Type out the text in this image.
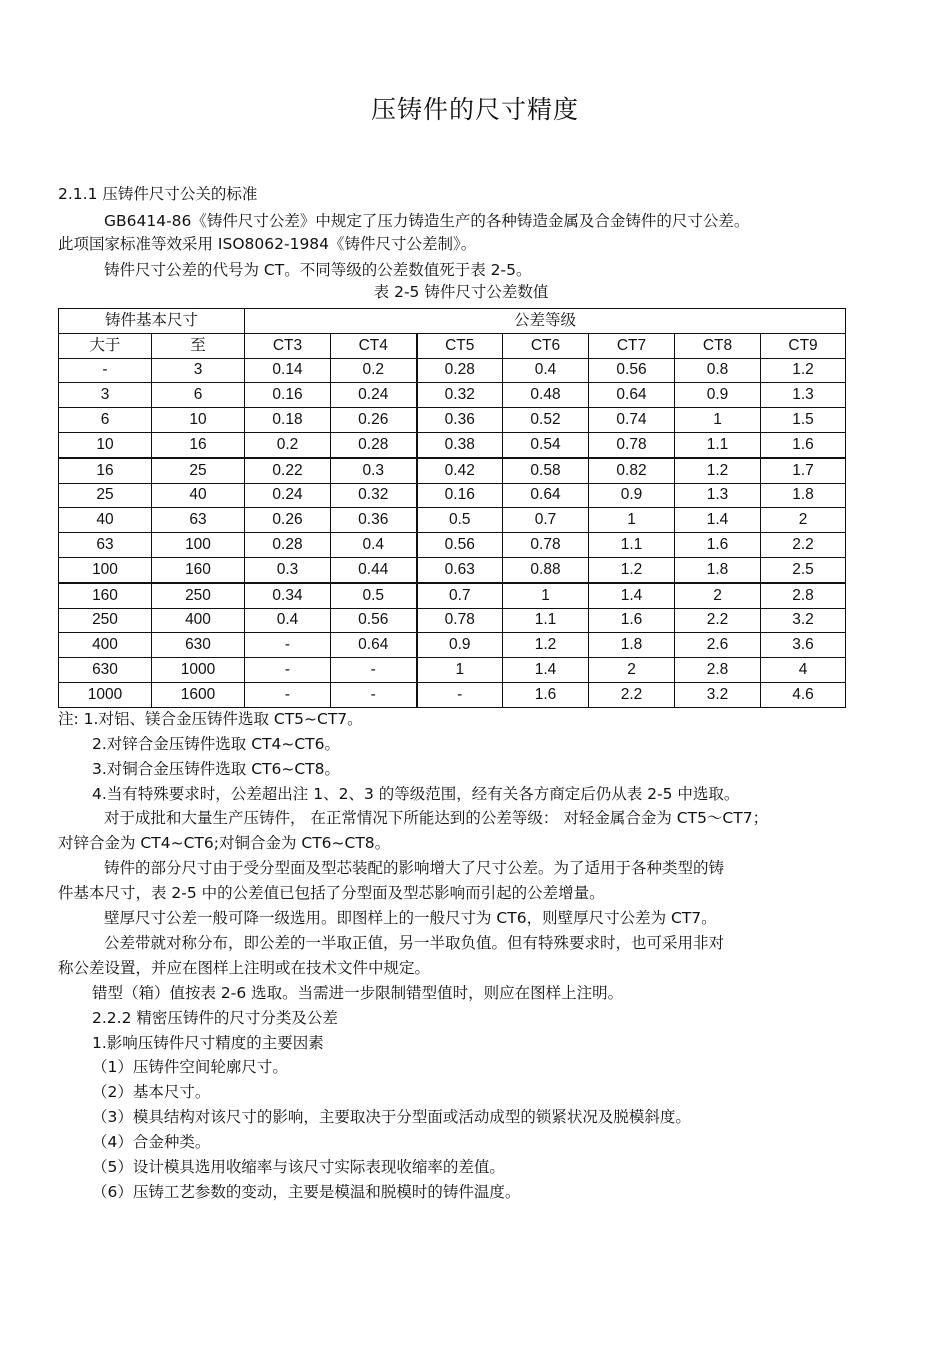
压铸件的尺寸精度
2.1.1 压铸件尺寸公关的标准
GB6414-86《铸件尺寸公差》中规定了压力铸造生产的各种铸造金属及合金铸件的尺寸公差。
此项国家标准等效采用 ISO8062-1984《铸件尺寸公差制》。
铸件尺寸公差的代号为 CT。不同等级的公差数值死于表 2-5。
表 2-5 铸件尺寸公差数值
铸件基本尺寸		公差等级						
大于	至	CT3	CT4	CT5	CT6	CT7	CT8	CT9
-	3	0.14	0.2	0.28	0.4	0.56	0.8	1.2
3	6	0.16	0.24	0.32	0.48	0.64	0.9	1.3
6	10	0.18	0.26	0.36	0.52	0.74	1	1.5
10	16	0.2	0.28	0.38	0.54	0.78	1.1	1.6
16	25	0.22	0.3	0.42	0.58	0.82	1.2	1.7
25	40	0.24	0.32	0.16	0.64	0.9	1.3	1.8
40	63	0.26	0.36	0.5	0.7	1	1.4	2
63	100	0.28	0.4	0.56	0.78	1.1	1.6	2.2
100	160	0.3	0.44	0.63	0.88	1.2	1.8	2.5
160	250	0.34	0.5	0.7	1	1.4	2	2.8
250	400	0.4	0.56	0.78	1.1	1.6	2.2	3.2
400	630	-	0.64	0.9	1.2	1.8	2.6	3.6
630	1000	-	-	1	1.4	2	2.8	4
1000	1600	-	-	-	1.6	2.2	3.2	4.6
注: 1.对铝、镁合金压铸件选取 CT5~CT7。
2.对锌合金压铸件选取 CT4~CT6。
3.对铜合金压铸件选取 CT6~CT8。
4.当有特殊要求时，公差超出注 1、2、3 的等级范围，经有关各方商定后仍从表 2-5 中选取。
对于成批和大量生产压铸件， 在正常情况下所能达到的公差等级： 对轻金属合金为 CT5～CT7；
对锌合金为 CT4~CT6;对铜合金为 CT6~CT8。
铸件的部分尺寸由于受分型面及型芯装配的影响增大了尺寸公差。为了适用于各种类型的铸
件基本尺寸，表 2-5 中的公差值已包括了分型面及型芯影响而引起的公差增量。
壁厚尺寸公差一般可降一级选用。即图样上的一般尺寸为 CT6，则壁厚尺寸公差为 CT7。
公差带就对称分布，即公差的一半取正值，另一半取负值。但有特殊要求时，也可采用非对
称公差设置，并应在图样上注明或在技术文件中规定。
错型（箱）值按表 2-6 选取。当需进一步限制错型值时，则应在图样上注明。
2.2.2 精密压铸件的尺寸分类及公差
1.影响压铸件尺寸精度的主要因素
（1）压铸件空间轮廓尺寸。
（2）基本尺寸。
（3）模具结构对该尺寸的影响，主要取决于分型面或活动成型的锁紧状况及脱模斜度。
（4）合金种类。
（5）设计模具选用收缩率与该尺寸实际表现收缩率的差值。
（6）压铸工艺参数的变动，主要是模温和脱模时的铸件温度。
